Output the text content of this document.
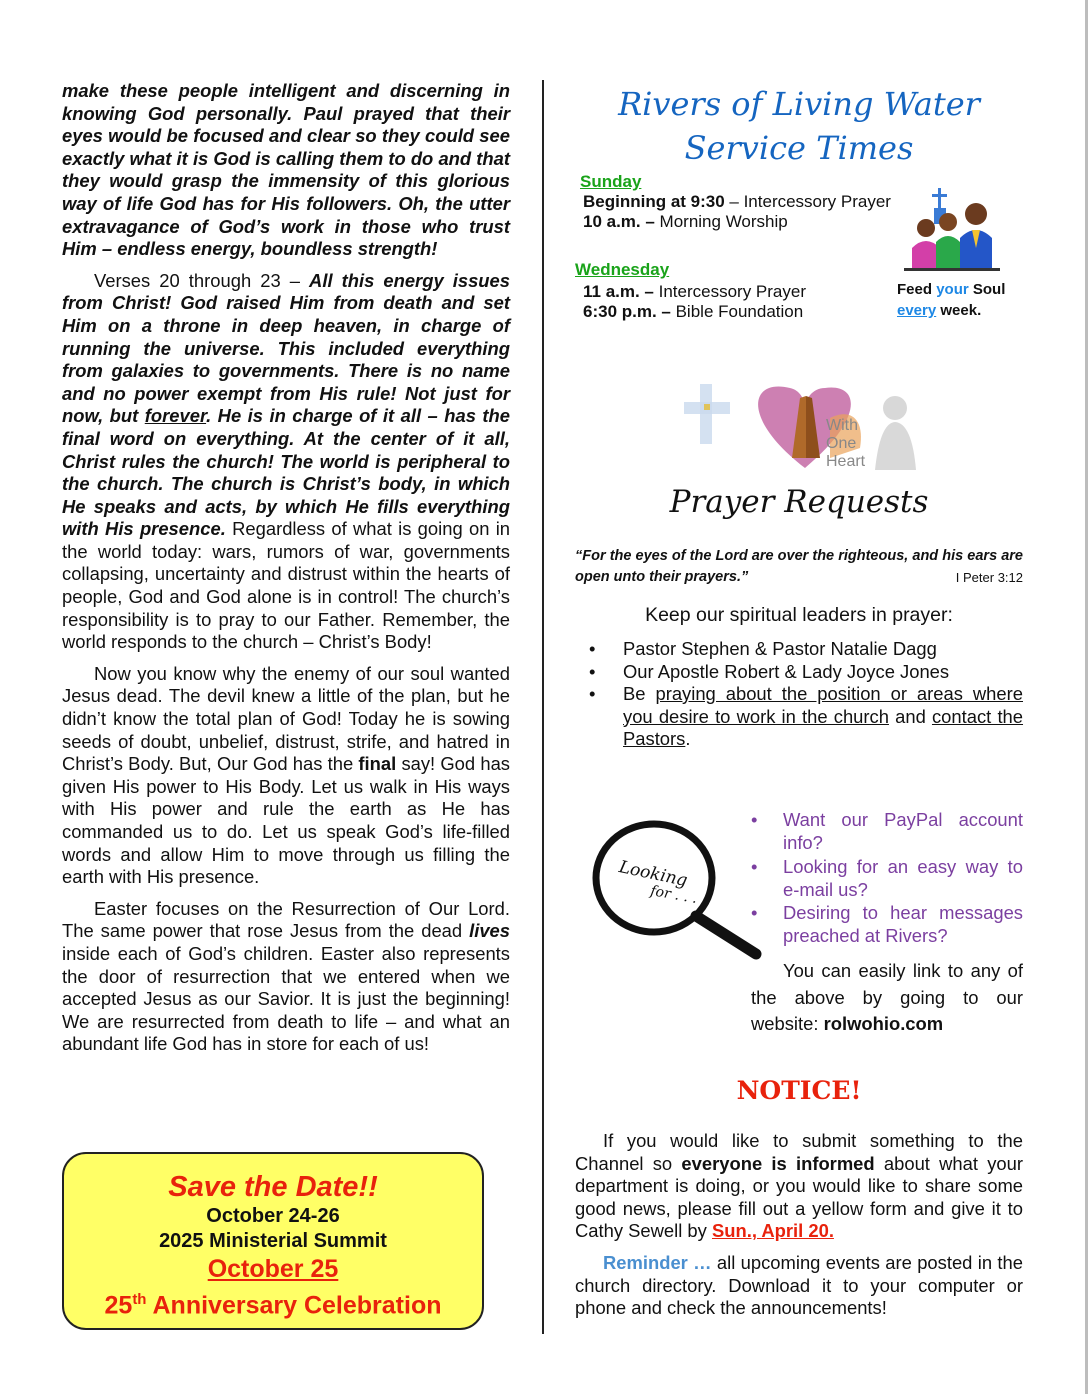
make these people intelligent and discerning in knowing God personally. Paul prayed that their eyes would be focused and clear so they could see exactly what it is God is calling them to do and that they would grasp the immensity of this glorious way of life God has for His followers. Oh, the utter extravagance of God’s work in those who trust Him – endless energy, boundless strength!

Verses 20 through 23 – All this energy issues from Christ! God raised Him from death and set Him on a throne in deep heaven, in charge of running the universe. This included everything from galaxies to governments. There is no name and no power exempt from His rule! Not just for now, but forever. He is in charge of it all – has the final word on everything. At the center of it all, Christ rules the church! The world is peripheral to the church. The church is Christ’s body, in which He speaks and acts, by which He fills everything with His presence. Regardless of what is going on in the world today: wars, rumors of war, governments collapsing, uncertainty and distrust within the hearts of people, God and God alone is in control! The church’s responsibility is to pray to our Father. Remember, the world responds to the church – Christ’s Body!

Now you know why the enemy of our soul wanted Jesus dead. The devil knew a little of the plan, but he didn’t know the total plan of God! Today he is sowing seeds of doubt, unbelief, distrust, strife, and hatred in Christ’s Body. But, Our God has the final say! God has given His power to His Body. Let us walk in His ways with His power and rule the earth as He has commanded us to do. Let us speak God’s life-filled words and allow Him to move through us filling the earth with His presence.

Easter focuses on the Resurrection of Our Lord. The same power that rose Jesus from the dead lives inside each of God’s children. Easter also represents the door of resurrection that we entered when we accepted Jesus as our Savior. It is just the beginning! We are resurrected from death to life – and what an abundant life God has in store for each of us!

Save the Date!!
October 24-26
2025 Ministerial Summit
October 25
25th Anniversary Celebration
Rivers of Living Water
Service Times
Sunday
Beginning at 9:30 – Intercessory Prayer
10 a.m. – Morning Worship
Wednesday
11 a.m. – Intercessory Prayer
6:30 p.m. – Bible Foundation
Feed your Soul
every week.
With
One
Heart
Prayer Requests
“For the eyes of the Lord are over the righteous, and his ears are open unto their prayers.”	I Peter 3:12
Keep our spiritual leaders in prayer:
• Pastor Stephen & Pastor Natalie Dagg
• Our Apostle Robert & Lady Joyce Jones
• Be praying about the position or areas where you desire to work in the church and contact the Pastors.
Looking
for . . .
• Want our PayPal account info?
• Looking for an easy way to e-mail us?
• Desiring to hear messages preached at Rivers?
You can easily link to any of the above by going to our website: rolwohio.com
NOTICE!

If you would like to submit something to the Channel so everyone is informed about what your department is doing, or you would like to share some good news, please fill out a yellow form and give it to Cathy Sewell by Sun., April 20.

Reminder … all upcoming events are posted in the church directory. Download it to your computer or phone and check the announcements!
